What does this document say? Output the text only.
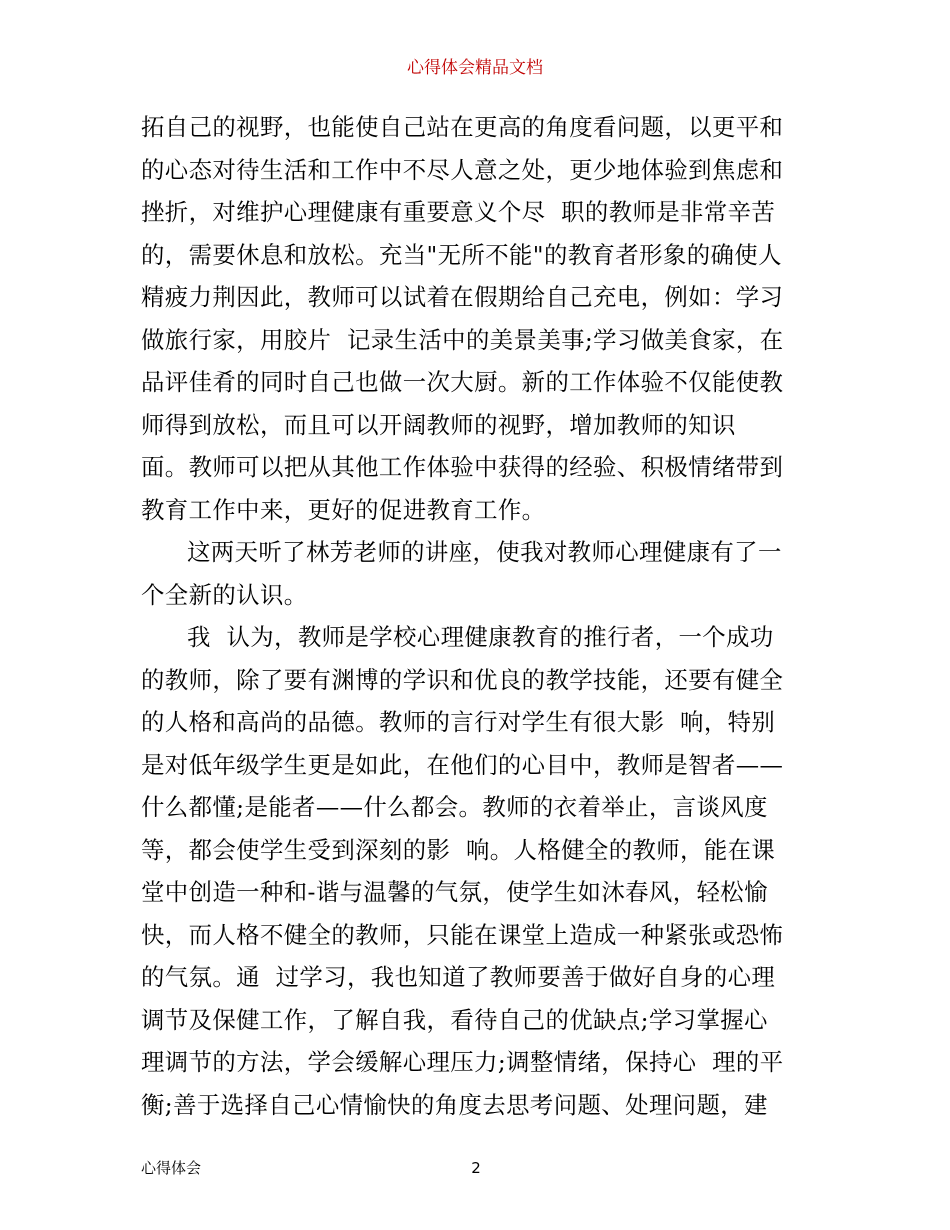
心得体会精品文档
拓自己的视野，也能使自己站在更高的角度看问题，以更平和
的心态对待生活和工作中不尽人意之处，更少地体验到焦虑和
挫折，对维护心理健康有重要意义个尽  职的教师是非常辛苦
的，需要休息和放松。充当"无所不能"的教育者形象的确使人
精疲力荆因此，教师可以试着在假期给自己充电，例如：学习
做旅行家，用胶片  记录生活中的美景美事;学习做美食家，在
品评佳肴的同时自己也做一次大厨。新的工作体验不仅能使教
师得到放松，而且可以开阔教师的视野，增加教师的知识
面。教师可以把从其他工作体验中获得的经验、积极情绪带到
教育工作中来，更好的促进教育工作。
这两天听了林芳老师的讲座，使我对教师心理健康有了一
个全新的认识。
我  认为，教师是学校心理健康教育的推行者，一个成功
的教师，除了要有渊博的学识和优良的教学技能，还要有健全
的人格和高尚的品德。教师的言行对学生有很大影  响，特别
是对低年级学生更是如此，在他们的心目中，教师是智者——
什么都懂;是能者——什么都会。教师的衣着举止，言谈风度
等，都会使学生受到深刻的影  响。人格健全的教师，能在课
堂中创造一种和-谐与温馨的气氛，使学生如沐春风，轻松愉
快，而人格不健全的教师，只能在课堂上造成一种紧张或恐怖
的气氛。通  过学习，我也知道了教师要善于做好自身的心理
调节及保健工作，了解自我，看待自己的优缺点;学习掌握心
理调节的方法，学会缓解心理压力;调整情绪，保持心  理的平
衡;善于选择自己心情愉快的角度去思考问题、处理问题，建
心得体会	2
